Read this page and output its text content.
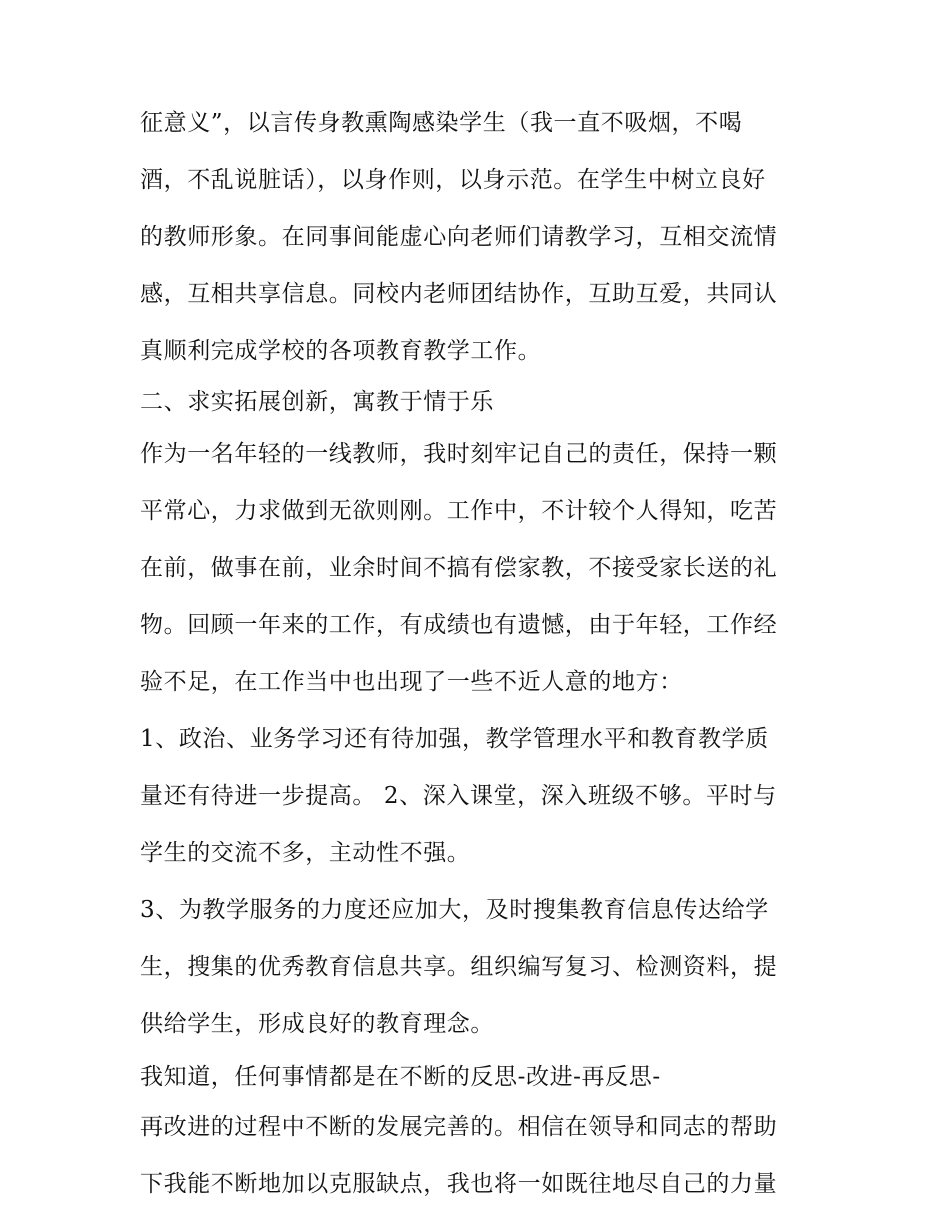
征意义”，以言传身教熏陶感染学生（我一直不吸烟，不喝

酒，不乱说脏话），以身作则，以身示范。在学生中树立良好

的教师形象。在同事间能虚心向老师们请教学习，互相交流情

感，互相共享信息。同校内老师团结协作，互助互爱，共同认

真顺利完成学校的各项教育教学工作。

二、求实拓展创新，寓教于情于乐

作为一名年轻的一线教师，我时刻牢记自己的责任，保持一颗

平常心，力求做到无欲则刚。工作中，不计较个人得知，吃苦

在前，做事在前，业余时间不搞有偿家教，不接受家长送的礼

物。回顾一年来的工作，有成绩也有遗憾，由于年轻，工作经

验不足，在工作当中也出现了一些不近人意的地方：

1、政治、业务学习还有待加强，教学管理水平和教育教学质

量还有待进一步提高。 2、深入课堂，深入班级不够。平时与

学生的交流不多，主动性不强。

3、为教学服务的力度还应加大，及时搜集教育信息传达给学

生，搜集的优秀教育信息共享。组织编写复习、检测资料，提

供给学生，形成良好的教育理念。

我知道，任何事情都是在不断的反思-改进-再反思-

再改进的过程中不断的发展完善的。相信在领导和同志的帮助

下我能不断地加以克服缺点，我也将一如既往地尽自己的力量
